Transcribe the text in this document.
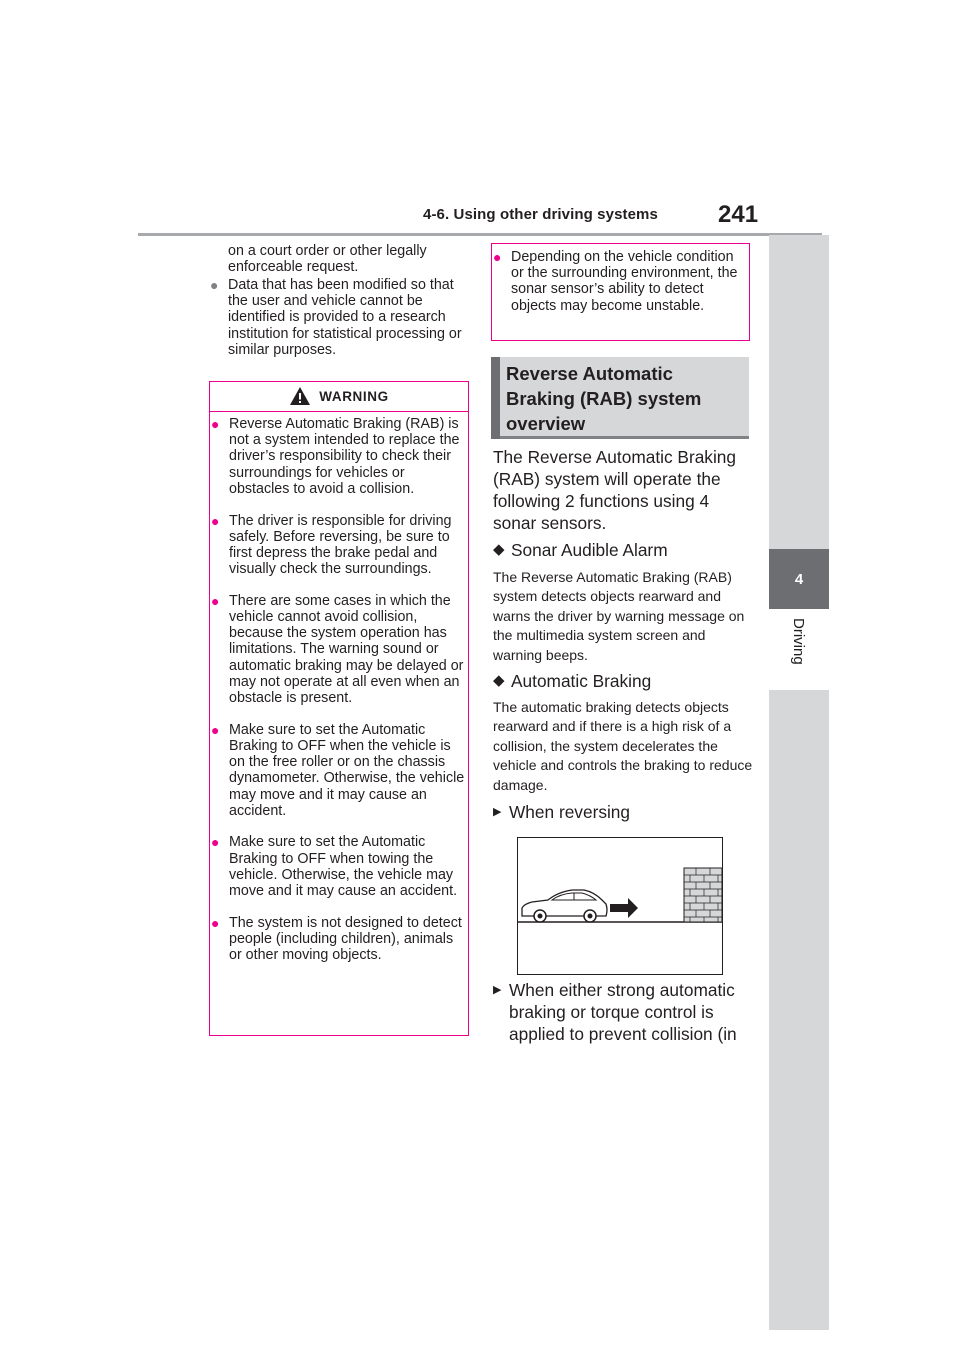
4-6. Using other driving systems	241
4
Driving
on a court order or other legally enforceable request.
● Data that has been modified so that the user and vehicle cannot be identified is provided to a research institution for statistical processing or similar purposes.
WARNING
● Reverse Automatic Braking (RAB) is not a system intended to replace the driver’s responsibility to check their surroundings for vehicles or obstacles to avoid a collision.
● The driver is responsible for driving safely. Before reversing, be sure to first depress the brake pedal and visually check the surroundings.
● There are some cases in which the vehicle cannot avoid collision, because the system operation has limitations. The warning sound or automatic braking may be delayed or may not operate at all even when an obstacle is present.
● Make sure to set the Automatic Braking to OFF when the vehicle is on the free roller or on the chassis dynamometer. Otherwise, the vehicle may move and it may cause an accident.
● Make sure to set the Automatic Braking to OFF when towing the vehicle. Otherwise, the vehicle may move and it may cause an accident.
● The system is not designed to detect people (including children), animals or other moving objects.
● Depending on the vehicle condition or the surrounding environment, the sonar sensor’s ability to detect objects may become unstable.
Reverse Automatic Braking (RAB) system overview
The Reverse Automatic Braking (RAB) system will operate the following 2 functions using 4 sonar sensors.
◆ Sonar Audible Alarm
The Reverse Automatic Braking (RAB) system detects objects rearward and warns the driver by warning message on the multimedia system screen and warning beeps.
◆ Automatic Braking
The automatic braking detects objects rearward and if there is a high risk of a collision, the system decelerates the vehicle and controls the braking to reduce damage.
▶ When reversing
▶ When either strong automatic braking or torque control is applied to prevent collision (in
